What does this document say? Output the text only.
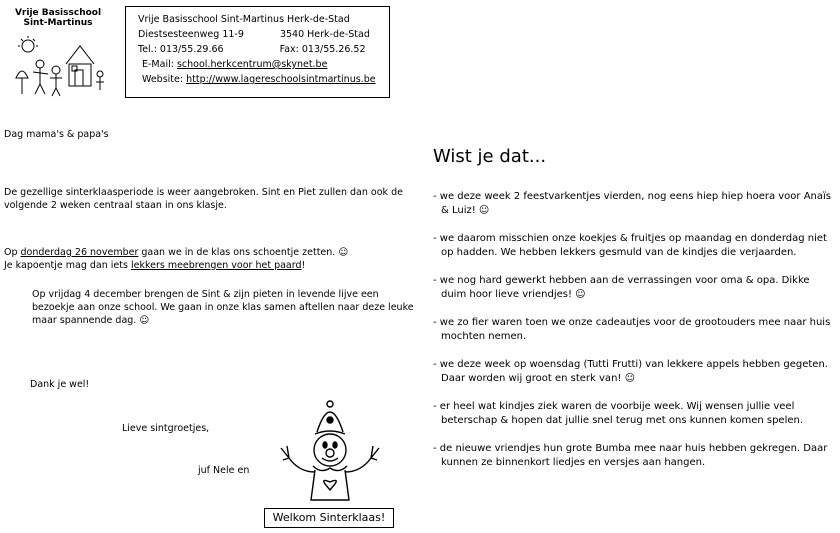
Vrije Basisschool
Sint-Martinus	Vrije Basisschool Sint-Martinus Herk-de-Stad
Diestsesteenweg 11-9	3540 Herk-de-Stad
Tel.: 013/55.29.66	Fax: 013/55.26.52
E-Mail: school.herkcentrum@skynet.be
Website: http://www.lagereschoolsintmartinus.be
Dag mama's & papa's
De gezellige sinterklaasperiode is weer aangebroken. Sint en Piet zullen dan ook de volgende 2 weken centraal staan in ons klasje.
Op donderdag 26 november gaan we in de klas ons schoentje zetten. ☺
Je kapoentje mag dan iets lekkers meebrengen voor het paard!
Op vrijdag 4 december brengen de Sint & zijn pieten in levende lijve een bezoekje aan onze school. We gaan in onze klas samen aftellen naar deze leuke maar spannende dag. ☺
Dank je wel!
Lieve sintgroetjes,
juf Nele en
Welkom Sinterklaas!
Wist je dat...
- we deze week 2 feestvarkentjes vierden, nog eens hiep hiep hoera voor Anaïs & Luiz! ☺
- we daarom misschien onze koekjes & fruitjes op maandag en donderdag niet op hadden. We hebben lekkers gesmuld van de kindjes die verjaarden.
- we nog hard gewerkt hebben aan de verrassingen voor oma & opa. Dikke duim hoor lieve vriendjes! ☺
- we zo fier waren toen we onze cadeautjes voor de grootouders mee naar huis mochten nemen.
- we deze week op woensdag (Tutti Frutti) van lekkere appels hebben gegeten. Daar worden wij groot en sterk van! ☺
- er heel wat kindjes ziek waren de voorbije week. Wij wensen jullie veel beterschap & hopen dat jullie snel terug met ons kunnen komen spelen.
- de nieuwe vriendjes hun grote Bumba mee naar huis hebben gekregen. Daar kunnen ze binnenkort liedjes en versjes aan hangen.
